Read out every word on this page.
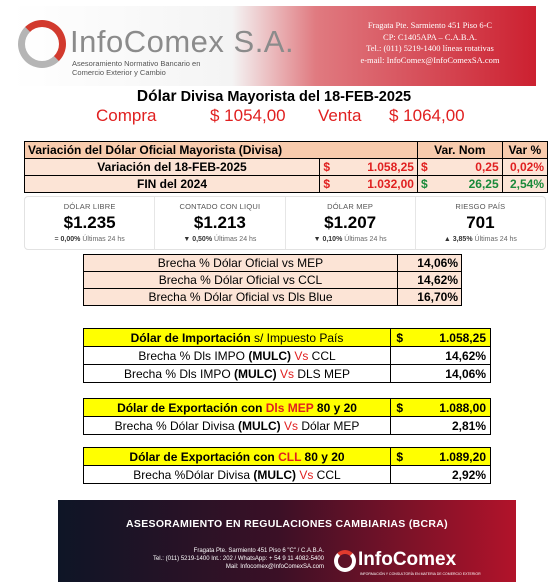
InfoComex S.A.
Asesoramiento Normativo Bancario en
Comercio Exterior y Cambio
Fragata Pte. Sarmiento 451 Piso 6-C
CP: C1405APA – C.A.B.A.
Tel.: (011) 5219-1400 líneas rotativas
e-mail: InfoComex@InfoComexSA.com
Dólar Divisa Mayorista del 18-FEB-2025
Compra	$ 1054,00 Venta $ 1064,00
Variación del Dólar Oficial Mayorista (Divisa)			Var. Nom		Var %
Variación del 18-FEB-2025	$	1.058,25	$	0,25	0,02%
FIN del 2024	$	1.032,00	$	26,25	2,54%
DÓLAR LIBRE
$1.235
= 0,00% Últimas 24 hs
CONTADO CON LIQUI
$1.213
▼ 0,50% Últimas 24 hs
DÓLAR MEP
$1.207
▼ 0,10% Últimas 24 hs
RIESGO PAÍS
701
▲ 3,85% Últimas 24 hs
Brecha % Dólar Oficial vs MEP	14,06%
Brecha % Dólar Oficial vs CCL	14,62%
Brecha % Dólar Oficial vs Dls Blue	16,70%
Dólar de Importación s/ Impuesto País	$	1.058,25
Brecha % Dls IMPO (MULC) Vs CCL	14,62%	
Brecha % Dls IMPO (MULC) Vs DLS MEP	14,06%	
Dólar de Exportación con Dls MEP 80 y 20	$	1.088,00
Brecha % Dólar Divisa (MULC) Vs Dólar MEP	2,81%	
Dólar de Exportación con CLL 80 y 20	$	1.089,20
Brecha %Dólar Divisa (MULC) Vs CCL	2,92%	
ASESORAMIENTO EN REGULACIONES CAMBIARIAS (BCRA)
Fragata Pte. Sarmiento 451 Piso 6 "C" / C.A.B.A.
Tel.: (011) 5219-1400 Int.: 202 / WhatsApp: + 54 9 11 4082-5400
Mail: Infocomex@InfoComexSA.com InfoComex
INFORMACIÓN Y CONSULTORÍA EN MATERIA DE COMERCIO EXTERIOR
